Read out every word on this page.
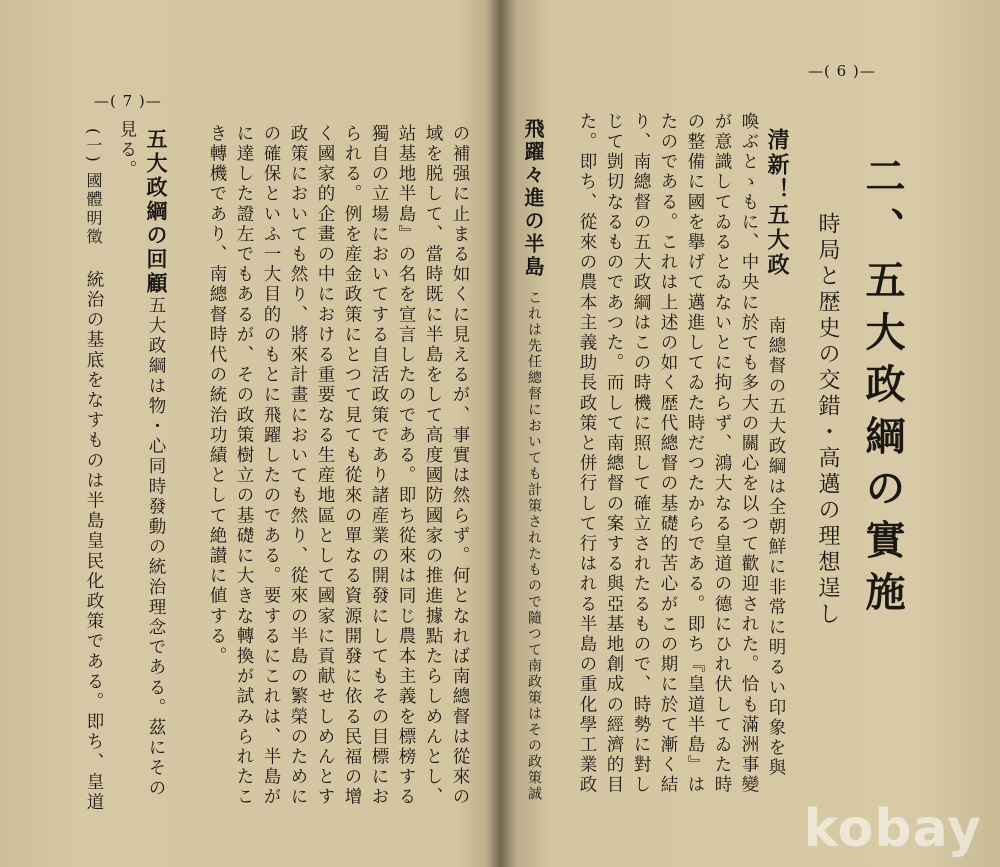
—( 6 )—
二、五大政綱の實施
時局と歴史の交錯・高邁の理想逞し
清新！五大政
　南總督の五大政綱は全朝鮮に非常に明るい印象を與
喚ぶとゝもに、中央に於ても多大の關心を以つて歡迎された。恰も滿洲事變
が意識してゐるとゐないとに拘らず、鴻大なる皇道の德にひれ伏してゐた時
の整備に國を擧げて邁進してゐた時だつたからである。即ち『皇道半島』は
たのである。これは上述の如く歴代總督の基礎的苦心がこの期に於て漸く結
り、南總督の五大政綱はこの時機に照して確立されたるもので、時勢に對し
じて剴切なるものであつた。而して南總督の案する與亞基地創成の經濟的目
た。即ち、從來の農本主義助長政策と併行して行はれる半島の重化學工業政
飛躍々進の半島
これは先任總督においても計策されたもので隨つて南政策はその政策誠
—( 7 )—
の補强に止まる如くに見えるが、事實は然らず。何となれば南總督は從來の
域を脱して、當時既に半島をして高度國防國家の推進據點たらしめんとし、
站基地半島』の名を宣言したのである。即ち從來は同じ農本主義を標榜する
獨自の立場においてする自活政策であり諸産業の開發にしてもその目標にお
られる。例を産金政策にとつて見ても從來の單なる資源開發に依る民福の增
く國家的企畫の中における重要なる生産地區として國家に貢献せしめんとす
政策においても然り、將來計畫においても然り、從來の半島の繁榮のために
の確保といふ一大目的のもとに飛躍したのである。要するにこれは、半島が
に達した證左でもあるが、その政策樹立の基礎に大きな轉換が試みられたこ
き轉機であり、南總督時代の統治功績として絶讃に値する。
五大政綱の回顧
五大政綱は物・心同時發動の統治理念である。茲にその
見る。
(一) 國體明徵
統治の基底をなすものは半島皇民化政策である。即ち、皇道	kobay
